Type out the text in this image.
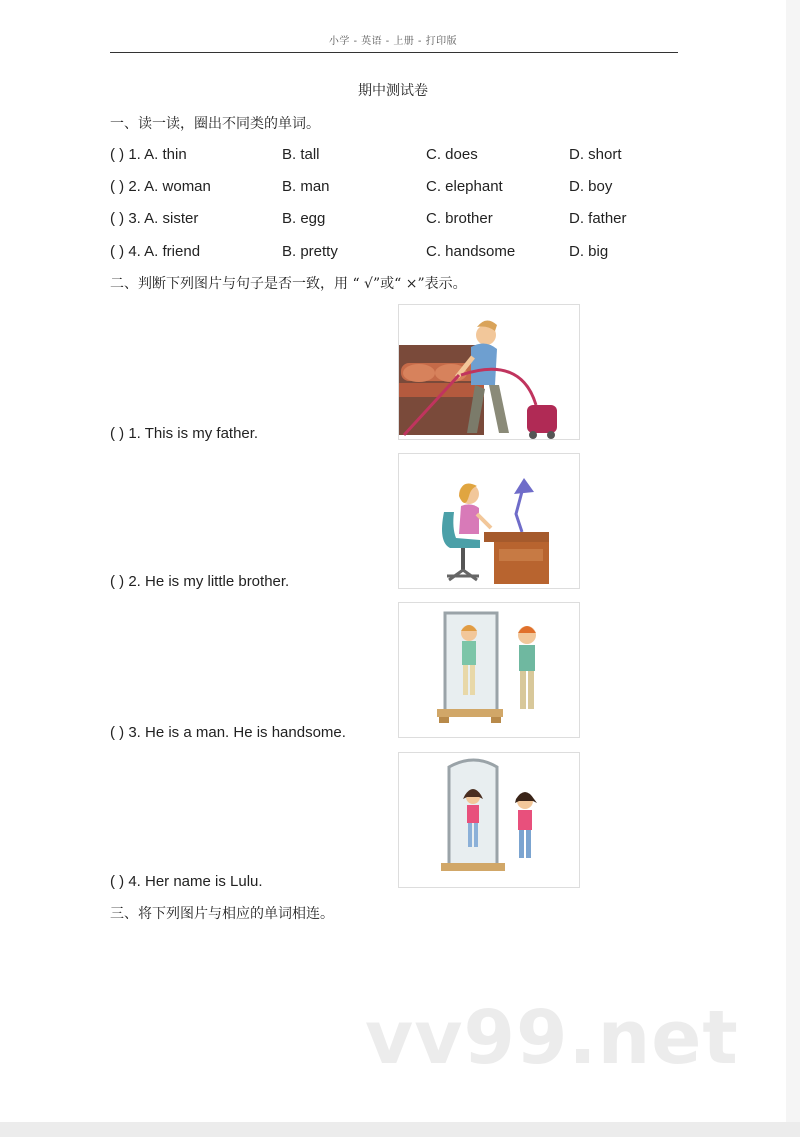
小学 - 英语 - 上册 - 打印版
期中测试卷
一、读一读，圈出不同类的单词。
( ) 1. A. thin	B. tall	C. does	D. short
( ) 2. A. woman	B. man	C. elephant	D. boy
( ) 3. A. sister	B. egg	C. brother	D. father
( ) 4. A. friend	B. pretty	C. handsome	D. big
二、判断下列图片与句子是否一致，用 “ √”或“ ×”表示。
( ) 1. This is my father.
( ) 2. He is my little brother.
( ) 3. He is a man. He is handsome.
( ) 4. Her name is Lulu.
三、将下列图片与相应的单词相连。
vv99.net
